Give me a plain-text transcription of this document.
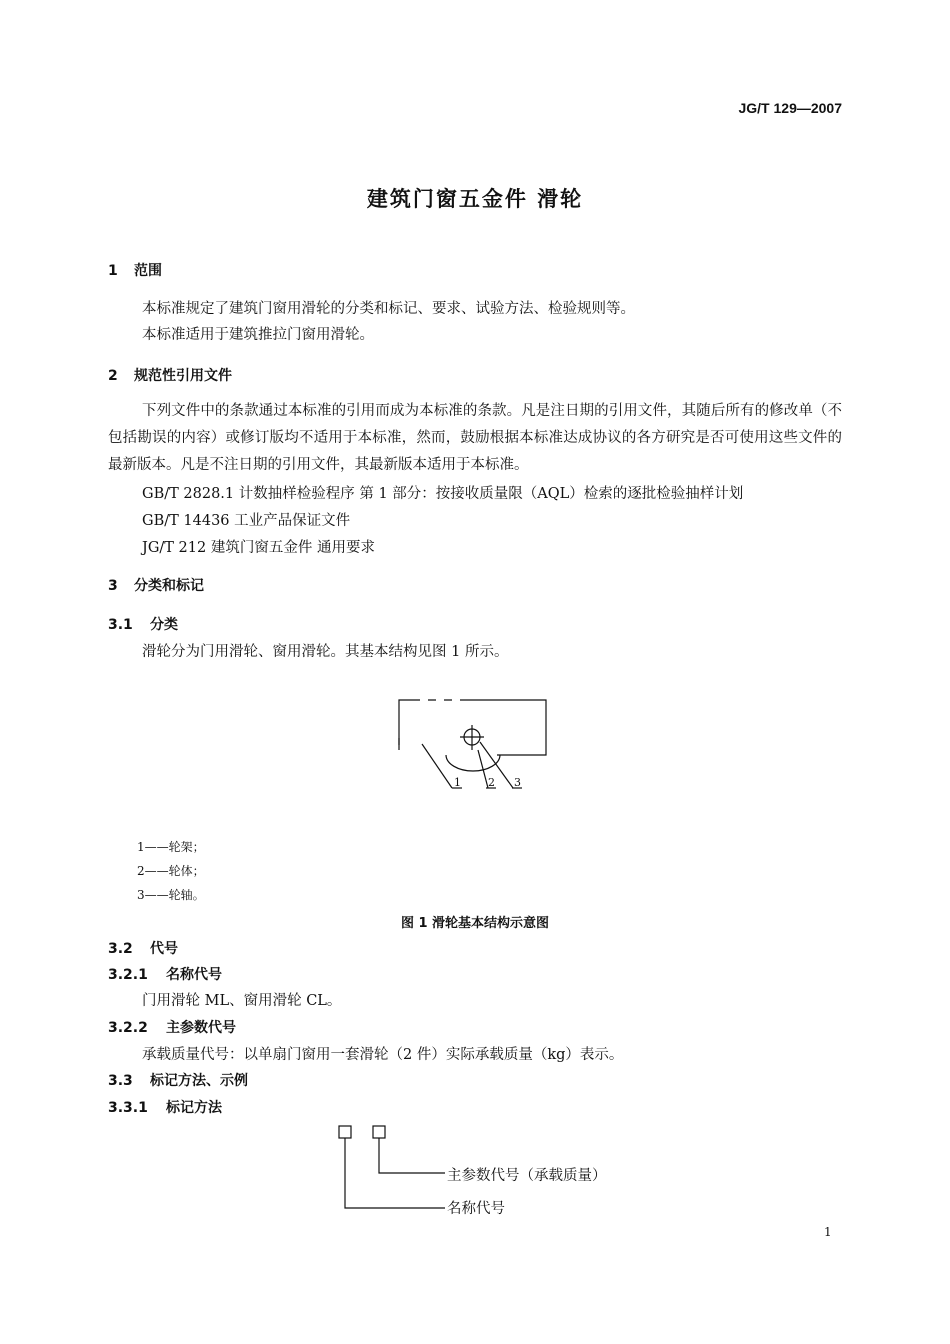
JG/T 129—2007
建筑门窗五金件 滑轮
1 范围
本标准规定了建筑门窗用滑轮的分类和标记、要求、试验方法、检验规则等。
本标准适用于建筑推拉门窗用滑轮。
2 规范性引用文件
下列文件中的条款通过本标准的引用而成为本标准的条款。凡是注日期的引用文件，其随后所有的修改单（不包括勘误的内容）或修订版均不适用于本标准，然而，鼓励根据本标准达成协议的各方研究是否可使用这些文件的最新版本。凡是不注日期的引用文件，其最新版本适用于本标准。
GB/T 2828.1 计数抽样检验程序 第 1 部分：按接收质量限（AQL）检索的逐批检验抽样计划
GB/T 14436 工业产品保证文件
JG/T 212 建筑门窗五金件 通用要求
3 分类和标记
3.1 分类
滑轮分为门用滑轮、窗用滑轮。其基本结构见图 1 所示。
1 2 3
1——轮架；
2——轮体；
3——轮轴。
图 1 滑轮基本结构示意图
3.2 代号
3.2.1 名称代号
门用滑轮 ML、窗用滑轮 CL。
3.2.2 主参数代号
承载质量代号：以单扇门窗用一套滑轮（2 件）实际承载质量（kg）表示。
3.3 标记方法、示例
3.3.1 标记方法
主参数代号（承载质量）
名称代号
1
